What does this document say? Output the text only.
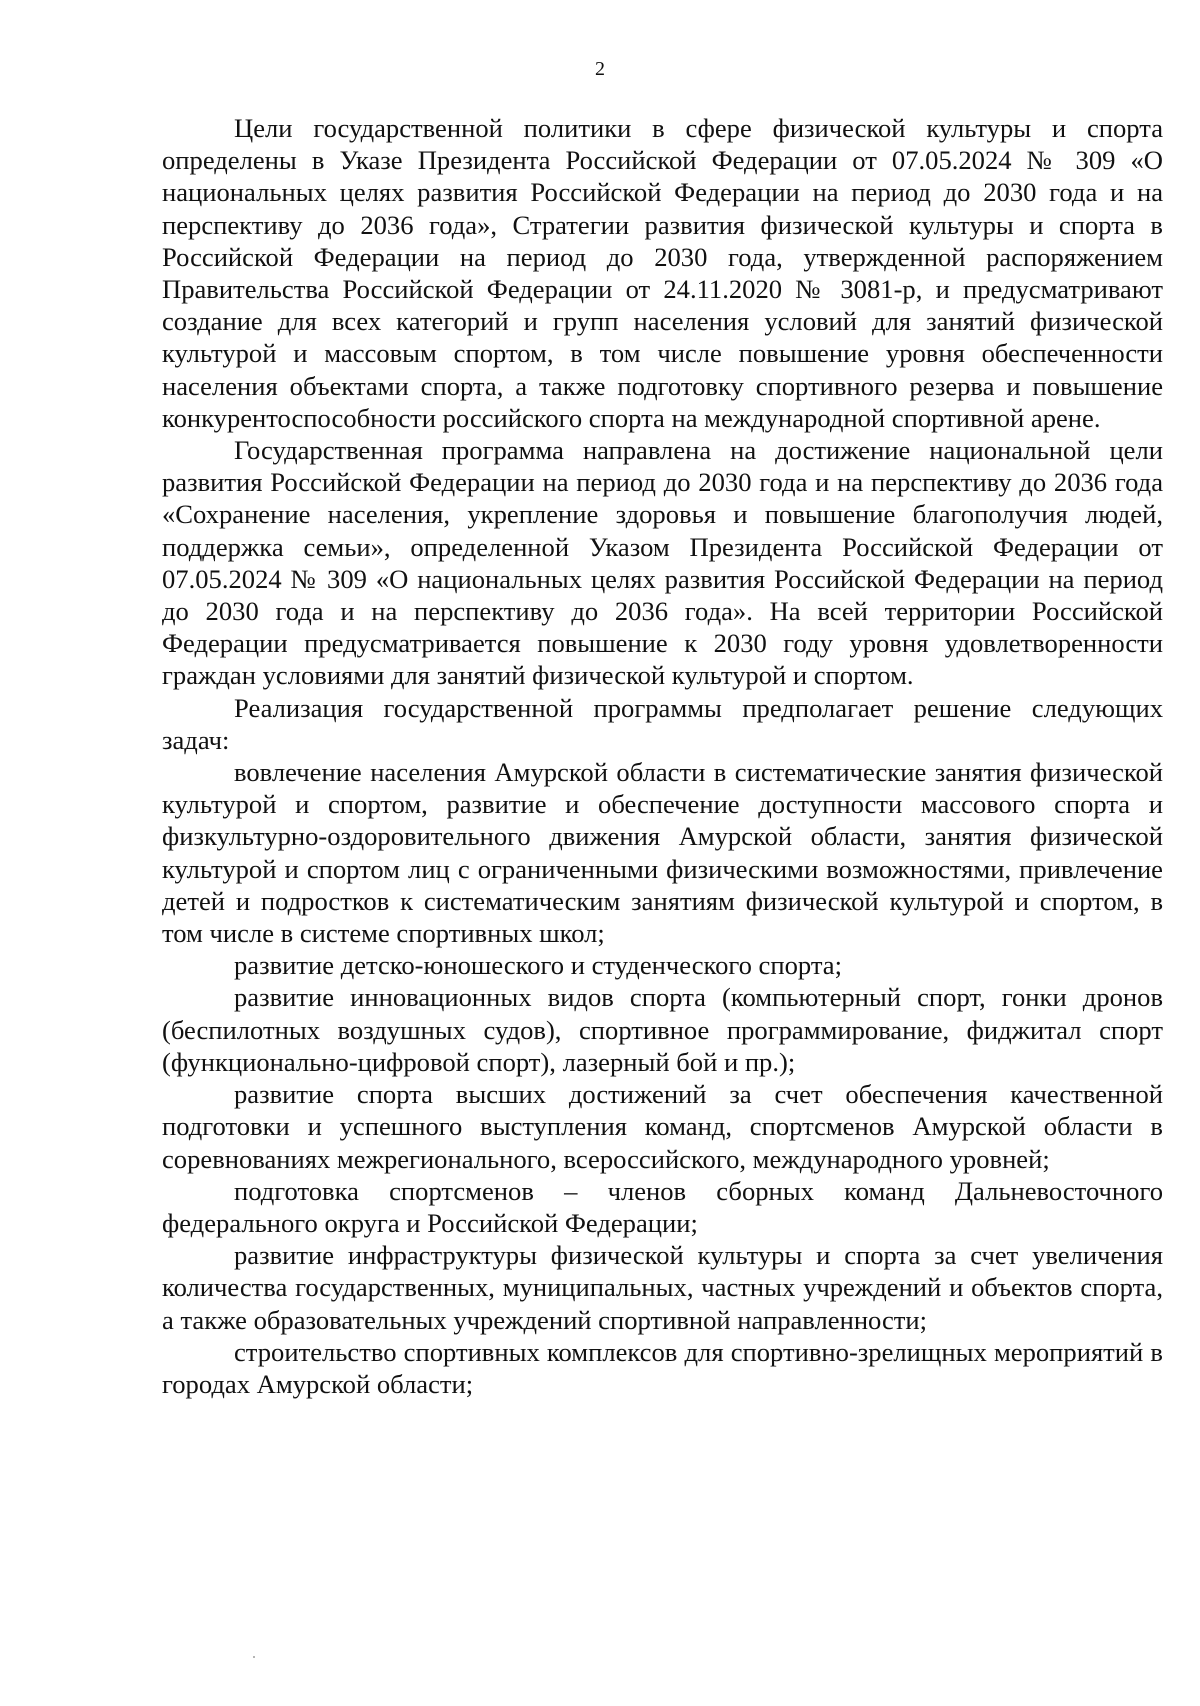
2

Цели государственной политики в сфере физической культуры и спорта определены в Указе Президента Российской Федерации от 07.05.2024 № 309 «О национальных целях развития Российской Федерации на период до 2030 года и на перспективу до 2036 года», Стратегии развития физической культуры и спорта в Российской Федерации на период до 2030 года, утвержденной распоряжением Правительства Российской Федерации от 24.11.2020 № 3081-р, и предусматривают создание для всех категорий и групп населения условий для занятий физической культурой и массовым спортом, в том числе повышение уровня обеспеченности населения объектами спорта, а также подготовку спортивного резерва и повышение конкурентоспособности российского спорта на международной спортивной арене.

Государственная программа направлена на достижение национальной цели развития Российской Федерации на период до 2030 года и на перспективу до 2036 года «Сохранение населения, укрепление здоровья и повышение благополучия людей, поддержка семьи», определенной Указом Президента Российской Федерации от 07.05.2024 № 309 «О национальных целях развития Российской Федерации на период до 2030 года и на перспективу до 2036 года». На всей территории Российской Федерации предусматривается повышение к 2030 году уровня удовлетворенности граждан условиями для занятий физической культурой и спортом.

Реализация государственной программы предполагает решение следующих задач:

вовлечение населения Амурской области в систематические занятия физической культурой и спортом, развитие и обеспечение доступности массового спорта и физкультурно-оздоровительного движения Амурской области, занятия физической культурой и спортом лиц с ограниченными физическими возможностями, привлечение детей и подростков к систематическим занятиям физической культурой и спортом, в том числе в системе спортивных школ;

развитие детско-юношеского и студенческого спорта;

развитие инновационных видов спорта (компьютерный спорт, гонки дронов (беспилотных воздушных судов), спортивное программирование, фиджитал спорт (функционально-цифровой спорт), лазерный бой и пр.);

развитие спорта высших достижений за счет обеспечения качественной подготовки и успешного выступления команд, спортсменов Амурской области в соревнованиях межрегионального, всероссийского, международного уровней;

подготовка спортсменов – членов сборных команд Дальневосточного федерального округа и Российской Федерации;

развитие инфраструктуры физической культуры и спорта за счет увеличения количества государственных, муниципальных, частных учреждений и объектов спорта, а также образовательных учреждений спортивной направленности;

строительство спортивных комплексов для спортивно-зрелищных мероприятий в городах Амурской области;
